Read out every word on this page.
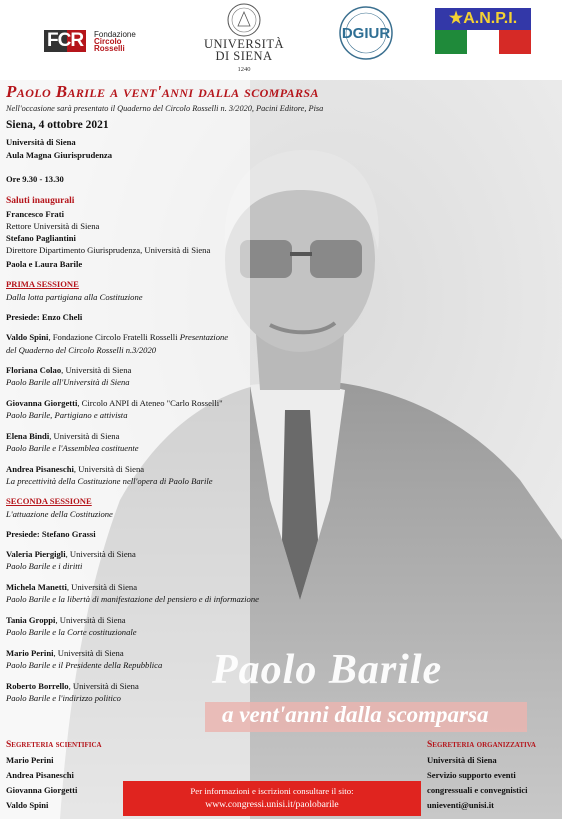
FCR	Fondazione
Circolo
Rosselli	UNIVERSITÀ
DI SIENA
1240
DGIUR
★A.N.P.I.
Paolo Barile a vent'anni dalla scomparsa
Nell'occasione sarà presentato il Quaderno del Circolo Rosselli n. 3/2020, Pacini Editore, Pisa
Siena, 4 ottobre 2021
Università di Siena
Aula Magna Giurisprudenza
Ore 9.30 - 13.30
Saluti inaugurali
Francesco Frati
Rettore Università di Siena
Stefano Pagliantini
Direttore Dipartimento Giurisprudenza, Università di Siena
Paola e Laura Barile
PRIMA SESSIONE
Dalla lotta partigiana alla Costituzione
Presiede: Enzo Cheli
Valdo Spini, Fondazione Circolo Fratelli Rosselli Presentazione
del Quaderno del Circolo Rosselli n.3/2020
Floriana Colao, Università di Siena
Paolo Barile all'Università di Siena
Giovanna Giorgetti, Circolo ANPI di Ateneo "Carlo Rosselli"
Paolo Barile, Partigiano e attivista
Elena Bindi, Università di Siena
Paolo Barile e l'Assemblea costituente
Andrea Pisaneschi, Università di Siena
La precettività della Costituzione nell'opera di Paolo Barile
SECONDA SESSIONE
L'attuazione della Costituzione
Presiede: Stefano Grassi
Valeria Piergigli, Università di Siena
Paolo Barile e i diritti
Michela Manetti, Università di Siena
Paolo Barile e la libertà di manifestazione del pensiero e di informazione
Tania Groppi, Università di Siena
Paolo Barile e la Corte costituzionale
Mario Perini, Università di Siena
Paolo Barile e il Presidente della Repubblica
Roberto Borrello, Università di Siena
Paolo Barile e l'indirizzo politico
Paolo Barile
a vent'anni dalla scomparsa
Segreteria scientifica
Mario Perini
Andrea Pisaneschi
Giovanna Giorgetti
Valdo Spini
Segreteria organizzativa
Università di Siena
Servizio supporto eventi
congressuali e convegnistici
unieventi@unisi.it
Per informazioni e iscrizioni consultare il sito:
www.congressi.unisi.it/paolobarile
